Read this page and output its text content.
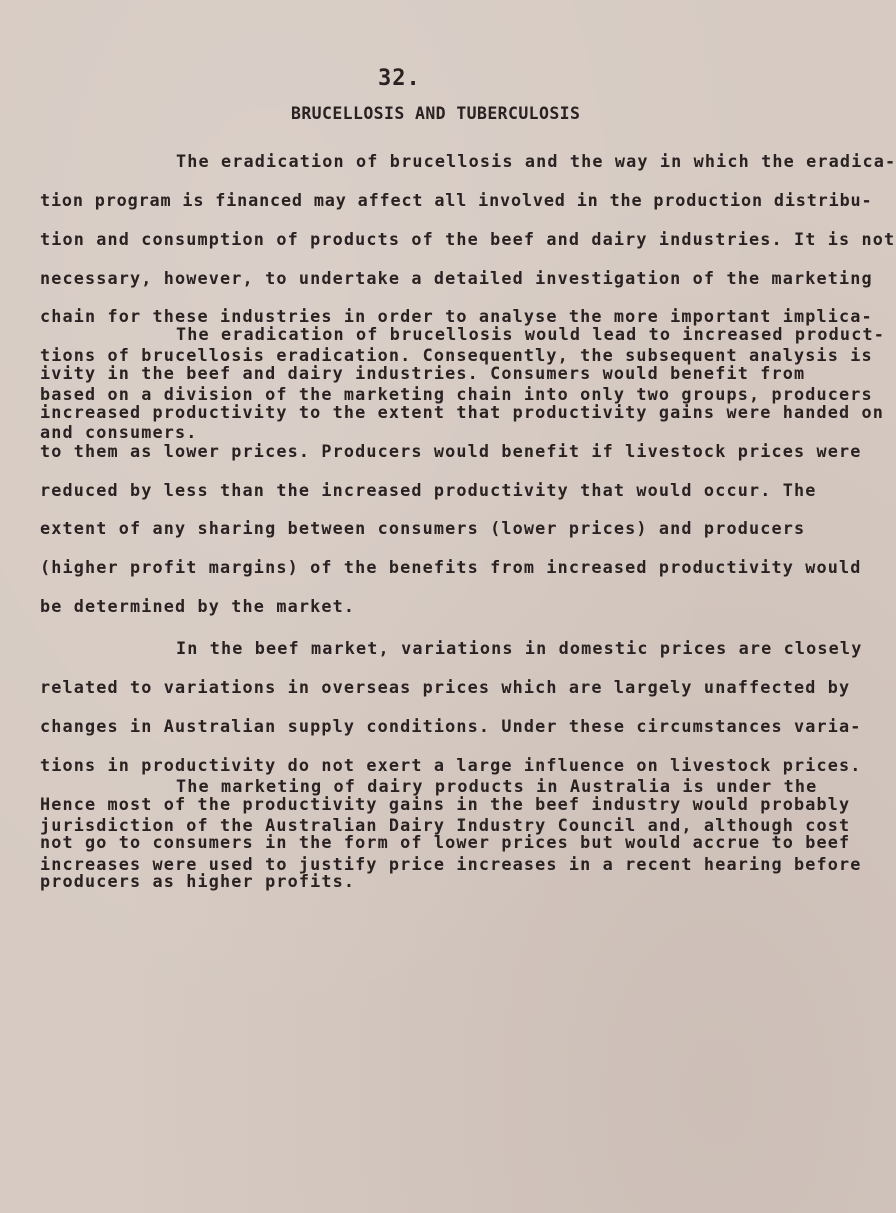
32.
BRUCELLOSIS AND TUBERCULOSIS
The eradication of brucellosis and the way in which the eradica-
tion program is financed may affect all involved in the production distribu-
tion and consumption of products of the beef and dairy industries. It is not
necessary, however, to undertake a detailed investigation of the marketing
chain for these industries in order to analyse the more important implica-
tions of brucellosis eradication. Consequently, the subsequent analysis is
based on a division of the marketing chain into only two groups, producers
and consumers.
The eradication of brucellosis would lead to increased product-
ivity in the beef and dairy industries. Consumers would benefit from
increased productivity to the extent that productivity gains were handed on
to them as lower prices. Producers would benefit if livestock prices were
reduced by less than the increased productivity that would occur. The
extent of any sharing between consumers (lower prices) and producers
(higher profit margins) of the benefits from increased productivity would
be determined by the market.
In the beef market, variations in domestic prices are closely
related to variations in overseas prices which are largely unaffected by
changes in Australian supply conditions. Under these circumstances varia-
tions in productivity do not exert a large influence on livestock prices.
Hence most of the productivity gains in the beef industry would probably
not go to consumers in the form of lower prices but would accrue to beef
producers as higher profits.
The marketing of dairy products in Australia is under the
jurisdiction of the Australian Dairy Industry Council and, although cost
increases were used to justify price increases in a recent hearing before
